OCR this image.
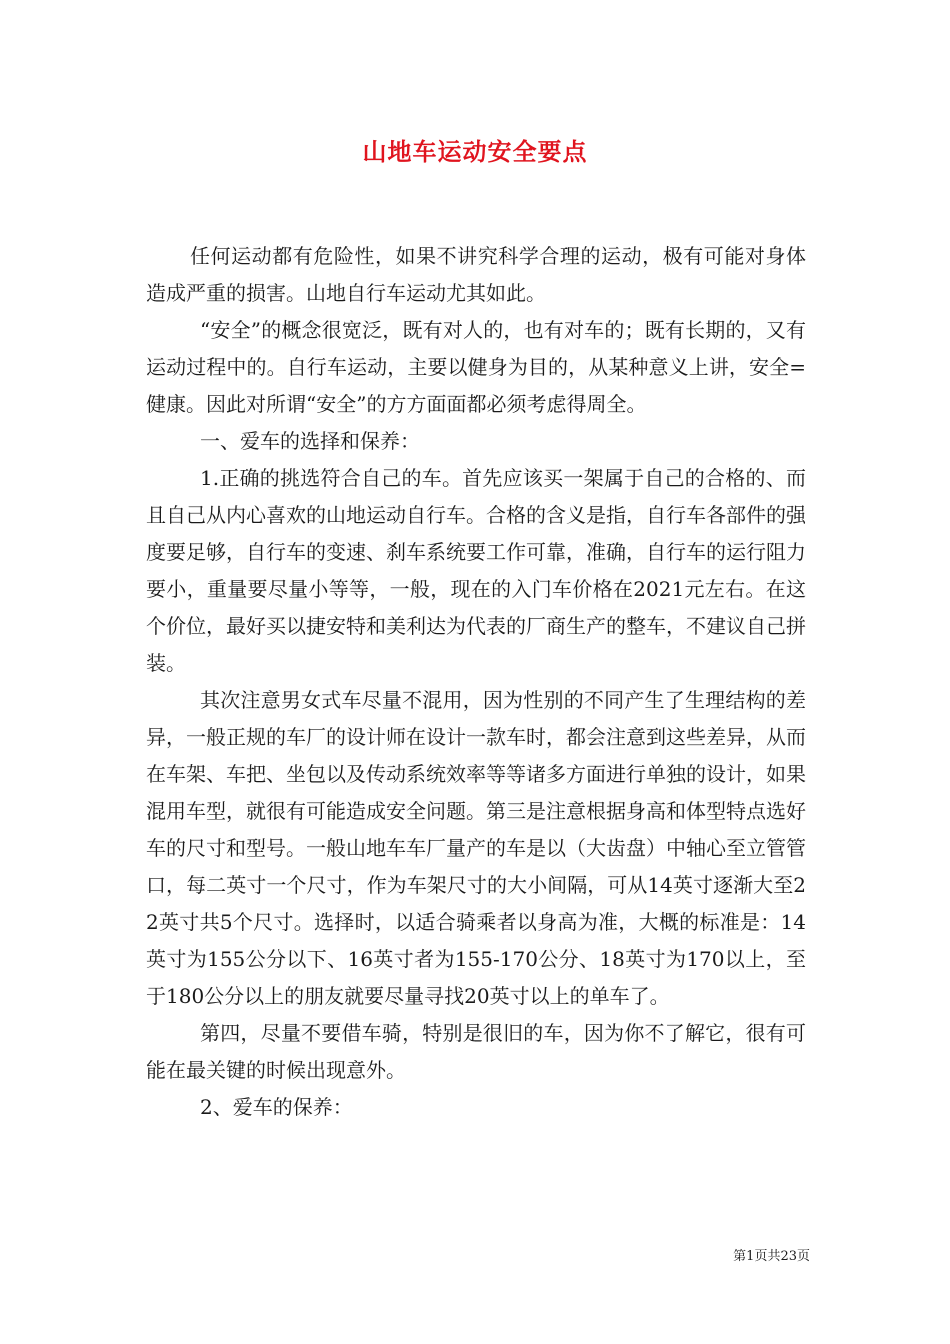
山地车运动安全要点

任何运动都有危险性，如果不讲究科学合理的运动，极有可能对身体造成严重的损害。山地自行车运动尤其如此。

“安全”的概念很宽泛，既有对人的，也有对车的；既有长期的，又有运动过程中的。自行车运动，主要以健身为目的，从某种意义上讲，安全=健康。因此对所谓“安全”的方方面面都必须考虑得周全。

一、爱车的选择和保养：

1.正确的挑选符合自己的车。首先应该买一架属于自己的合格的、而且自己从内心喜欢的山地运动自行车。合格的含义是指，自行车各部件的强度要足够，自行车的变速、刹车系统要工作可靠，准确，自行车的运行阻力要小，重量要尽量小等等，一般，现在的入门车价格在2021元左右。在这个价位，最好买以捷安特和美利达为代表的厂商生产的整车，不建议自己拼装。

其次注意男女式车尽量不混用，因为性别的不同产生了生理结构的差异，一般正规的车厂的设计师在设计一款车时，都会注意到这些差异，从而在车架、车把、坐包以及传动系统效率等等诸多方面进行单独的设计，如果混用车型，就很有可能造成安全问题。第三是注意根据身高和体型特点选好车的尺寸和型号。一般山地车车厂量产的车是以（大齿盘）中轴心至立管管口，每二英寸一个尺寸，作为车架尺寸的大小间隔，可从14英寸逐渐大至22英寸共5个尺寸。选择时，以适合骑乘者以身高为准，大概的标准是：14英寸为155公分以下、16英寸者为155-170公分、18英寸为170以上，至于180公分以上的朋友就要尽量寻找20英寸以上的单车了。

第四，尽量不要借车骑，特别是很旧的车，因为你不了解它，很有可能在最关键的时候出现意外。

2、爱车的保养：

第1页共23页
